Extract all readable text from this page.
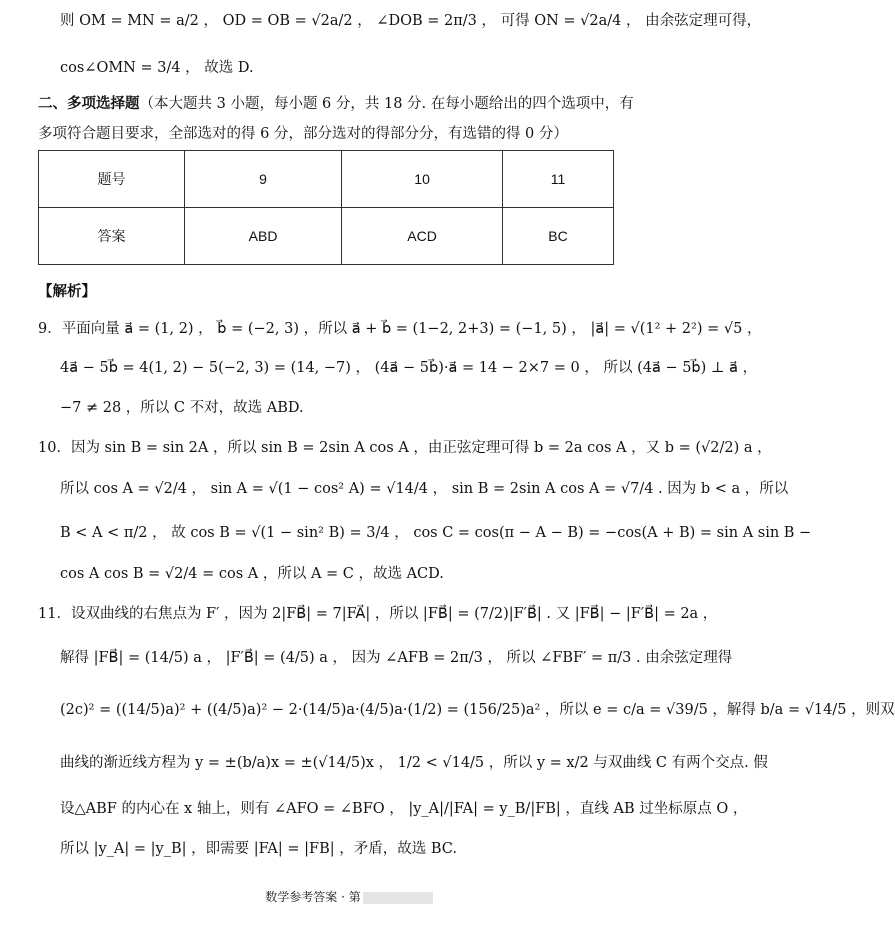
则 OM = MN = a/2 ， OD = OB = √2a/2 ， ∠DOB = 2π/3 ， 可得 ON = √2a/4 ， 由余弦定理可得，
cos∠OMN = 3/4 ， 故选 D.
二、多项选择题（本大题共 3 小题，每小题 6 分，共 18 分. 在每小题给出的四个选项中，有
多项符合题目要求，全部选对的得 6 分，部分选对的得部分分，有选错的得 0 分）
题号	9	10	11
答案	ABD	ACD	BC
【解析】
9．平面向量 a⃗ = (1, 2) ， b⃗ = (−2, 3) ，所以 a⃗ + b⃗ = (1−2, 2+3) = (−1, 5) ， |a⃗| = √(1² + 2²) = √5 ，
4a⃗ − 5b⃗ = 4(1, 2) − 5(−2, 3) = (14, −7) ， (4a⃗ − 5b⃗)·a⃗ = 14 − 2×7 = 0 ， 所以 (4a⃗ − 5b⃗) ⊥ a⃗ ，
−7 ≠ 28 ，所以 C 不对，故选 ABD.
10．因为 sin B = sin 2A ，所以 sin B = 2sin A cos A ，由正弦定理可得 b = 2a cos A ，又 b = (√2/2) a ，
所以 cos A = √2/4 ， sin A = √(1 − cos² A) = √14/4 ， sin B = 2sin A cos A = √7/4 . 因为 b < a ，所以
B < A < π/2 ， 故 cos B = √(1 − sin² B) = 3/4 ， cos C = cos(π − A − B) = −cos(A + B) = sin A sin B −
cos A cos B = √2/4 = cos A ，所以 A = C ，故选 ACD.
11．设双曲线的右焦点为 F′ ，因为 2|FB⃗| = 7|FA⃗| ，所以 |FB⃗| = (7/2)|F′B⃗| . 又 |FB⃗| − |F′B⃗| = 2a ，
解得 |FB⃗| = (14/5) a ， |F′B⃗| = (4/5) a ， 因为 ∠AFB = 2π/3 ， 所以 ∠FBF′ = π/3 . 由余弦定理得
(2c)² = ((14/5)a)² + ((4/5)a)² − 2·(14/5)a·(4/5)a·(1/2) = (156/25)a² ，所以 e = c/a = √39/5 ，解得 b/a = √14/5 ，则双
曲线的渐近线方程为 y = ±(b/a)x = ±(√14/5)x ， 1/2 < √14/5 ，所以 y = x/2 与双曲线 C 有两个交点. 假
设△ABF 的内心在 x 轴上，则有 ∠AFO = ∠BFO ， |y_A|/|FA| = y_B/|FB| ，直线 AB 过坐标原点 O ，
所以 |y_A| = |y_B| ，即需要 |FA| = |FB| ，矛盾，故选 BC.
数学参考答案 · 第
